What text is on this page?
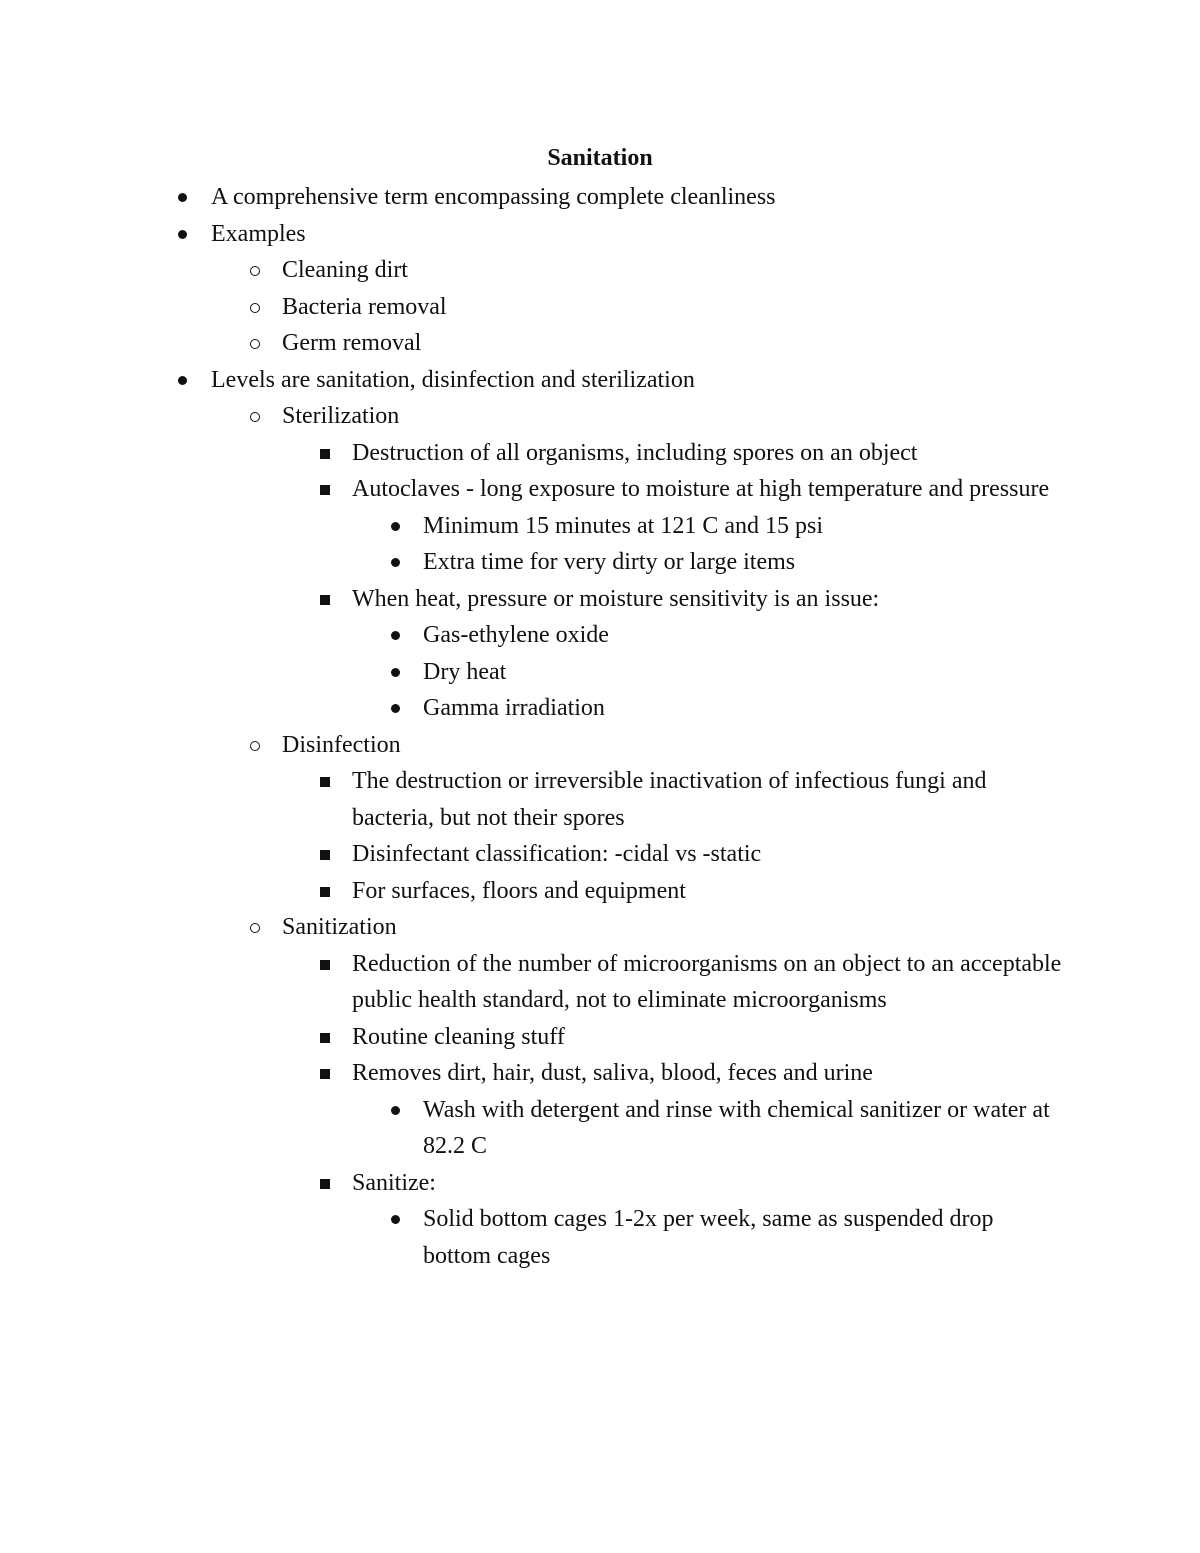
Sanitation
A comprehensive term encompassing complete cleanliness
Examples
Cleaning dirt
Bacteria removal
Germ removal
Levels are sanitation, disinfection and sterilization
Sterilization
Destruction of all organisms, including spores on an object
Autoclaves - long exposure to moisture at high temperature and pressure
Minimum 15 minutes at 121 C and 15 psi
Extra time for very dirty or large items
When heat, pressure or moisture sensitivity is an issue:
Gas-ethylene oxide
Dry heat
Gamma irradiation
Disinfection
The destruction or irreversible inactivation of infectious fungi and bacteria, but not their spores
Disinfectant classification: -cidal vs -static
For surfaces, floors and equipment
Sanitization
Reduction of the number of microorganisms on an object to an acceptable public health standard, not to eliminate microorganisms
Routine cleaning stuff
Removes dirt, hair, dust, saliva, blood, feces and urine
Wash with detergent and rinse with chemical sanitizer or water at 82.2 C
Sanitize:
Solid bottom cages 1-2x per week, same as suspended drop bottom cages
